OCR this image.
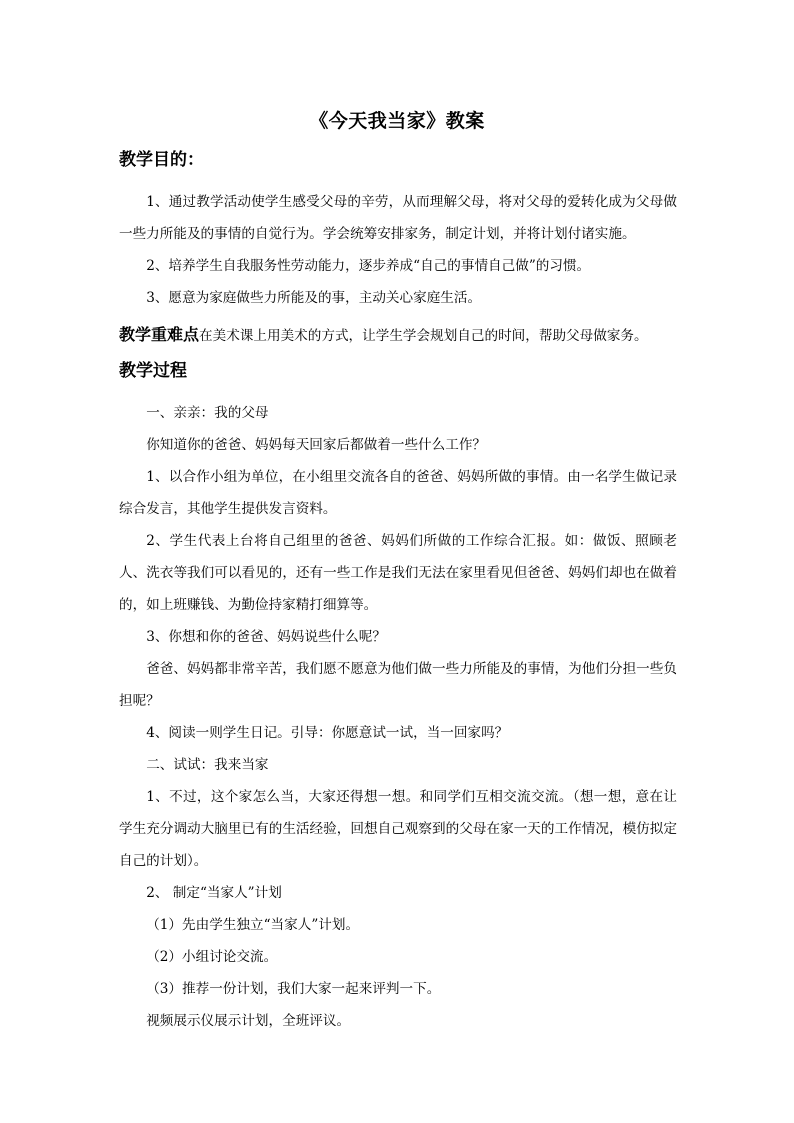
《今天我当家》教案
教学目的：

1、通过教学活动使学生感受父母的辛劳，从而理解父母，将对父母的爱转化成为父母做一些力所能及的事情的自觉行为。学会统筹安排家务，制定计划，并将计划付诸实施。

2、培养学生自我服务性劳动能力，逐步养成“自己的事情自己做”的习惯。

3、愿意为家庭做些力所能及的事，主动关心家庭生活。

教学重难点在美术课上用美术的方式，让学生学会规划自己的时间，帮助父母做家务。
教学过程

一、亲亲：我的父母

你知道你的爸爸、妈妈每天回家后都做着一些什么工作？

1、以合作小组为单位，在小组里交流各自的爸爸、妈妈所做的事情。由一名学生做记录综合发言，其他学生提供发言资料。

2、学生代表上台将自己组里的爸爸、妈妈们所做的工作综合汇报。如：做饭、照顾老人、洗衣等我们可以看见的，还有一些工作是我们无法在家里看见但爸爸、妈妈们却也在做着的，如上班赚钱、为勤俭持家精打细算等。

3、你想和你的爸爸、妈妈说些什么呢？

爸爸、妈妈都非常辛苦，我们愿不愿意为他们做一些力所能及的事情，为他们分担一些负担呢？

4、阅读一则学生日记。引导：你愿意试一试，当一回家吗？

二、试试：我来当家

1、不过，这个家怎么当，大家还得想一想。和同学们互相交流交流。（想一想，意在让学生充分调动大脑里已有的生活经验，回想自己观察到的父母在家一天的工作情况，模仿拟定自己的计划）。

2、 制定“当家人”计划

（1）先由学生独立“当家人”计划。

（2）小组讨论交流。

（3）推荐一份计划，我们大家一起来评判一下。

视频展示仪展示计划，全班评议。
